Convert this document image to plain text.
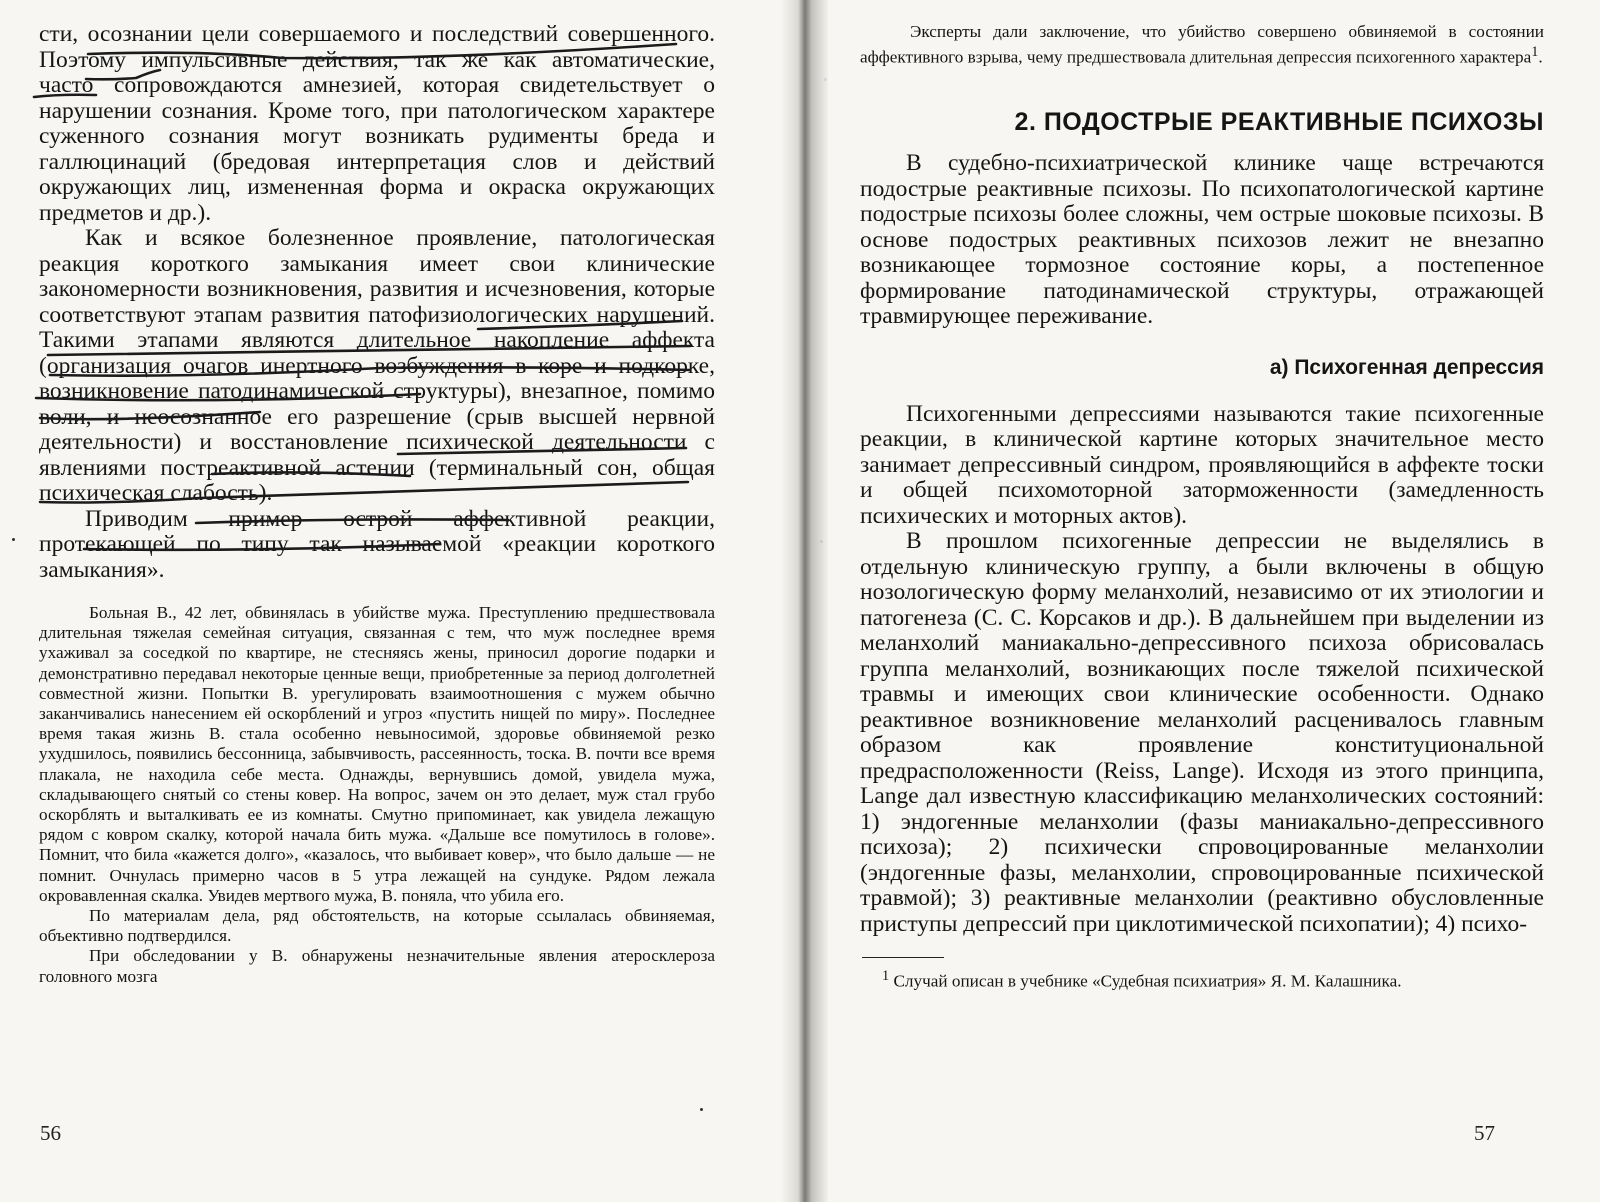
сти, осознании цели совершаемого и последствий совершенного. Поэтому импульсивные действия, так же как автоматические, часто сопровождаются амнезией, которая свидетельствует о нарушении сознания. Кроме того, при патологическом характере суженного сознания могут возникать рудименты бреда и галлюцинаций (бредовая интерпретация слов и действий окружающих лиц, измененная форма и окраска окружающих предметов и др.).

Как и всякое болезненное проявление, патологическая реакция короткого замыкания имеет свои клинические закономерности возникновения, развития и исчезновения, которые соответствуют этапам развития патофизиологических нарушений. Такими этапами являются длительное накопление аффекта (организация очагов инертного возбуждения в коре и подкорке, возникновение патодинамической структуры), внезапное, помимо воли, и неосознанное его разрешение (срыв высшей нервной деятельности) и восстановление психической деятельности с явлениями постреактивной астении (терминальный сон, общая психическая слабость).

Приводим пример острой аффективной реакции, протекающей по типу так называемой «реакции короткого замыкания».

Больная В., 42 лет, обвинялась в убийстве мужа. Преступлению предшествовала длительная тяжелая семейная ситуация, связанная с тем, что муж последнее время ухаживал за соседкой по квартире, не стесняясь жены, приносил дорогие подарки и демонстративно передавал некоторые ценные вещи, приобретенные за период долголетней совместной жизни. Попытки В. урегулировать взаимоотношения с мужем обычно заканчивались нанесением ей оскорблений и угроз «пустить нищей по миру». Последнее время такая жизнь В. стала особенно невыносимой, здоровье обвиняемой резко ухудшилось, появились бессонница, забывчивость, рассеянность, тоска. В. почти все время плакала, не находила себе места. Однажды, вернувшись домой, увидела мужа, складывающего снятый со стены ковер. На вопрос, зачем он это делает, муж стал грубо оскорблять и выталкивать ее из комнаты. Смутно припоминает, как увидела лежащую рядом с ковром скалку, которой начала бить мужа. «Дальше все помутилось в голове». Помнит, что била «кажется долго», «казалось, что выбивает ковер», что было дальше — не помнит. Очнулась примерно часов в 5 утра лежащей на сундуке. Рядом лежала окровавленная скалка. Увидев мертвого мужа, В. поняла, что убила его.

По материалам дела, ряд обстоятельств, на которые ссылалась обвиняемая, объективно подтвердился.

При обследовании у В. обнаружены незначительные явления атеросклероза головного мозга

56

Эксперты дали заключение, что убийство совершено обвиняемой в состоянии аффективного взрыва, чему предшествовала длительная депрессия психогенного характера$^1$.

2. ПОДОСТРЫЕ РЕАКТИВНЫЕ ПСИХОЗЫ

В судебно-психиатрической клинике чаще встречаются подострые реактивные психозы. По психопатологической картине подострые психозы более сложны, чем острые шоковые психозы. В основе подострых реактивных психозов лежит не внезапно возникающее тормозное состояние коры, а постепенное формирование патодинамической структуры, отражающей травмирующее переживание.

а) Психогенная депрессия

Психогенными депрессиями называются такие психогенные реакции, в клинической картине которых значительное место занимает депрессивный синдром, проявляющийся в аффекте тоски и общей психомоторной заторможенности (замедленность психических и моторных актов).

В прошлом психогенные депрессии не выделялись в отдельную клиническую группу, а были включены в общую нозологическую форму меланхолий, независимо от их этиологии и патогенеза (С. С. Корсаков и др.). В дальнейшем при выделении из меланхолий маниакально-депрессивного психоза обрисовалась группа меланхолий, возникающих после тяжелой психической травмы и имеющих свои клинические особенности. Однако реактивное возникновение меланхолий расценивалось главным образом как проявление конституциональной предрасположенности (Reiss, Lange). Исходя из этого принципа, Lange дал известную классификацию меланхолических состояний: 1) эндогенные меланхолии (фазы маниакально-депрессивного психоза); 2) психически спровоцированные меланхолии (эндогенные фазы, меланхолии, спровоцированные психической травмой); 3) реактивные меланхолии (реактивно обусловленные приступы депрессий при циклотимической психопатии); 4) психо-

$^1$ Случай описан в учебнике «Судебная психиатрия» Я. М. Калашника.

57
